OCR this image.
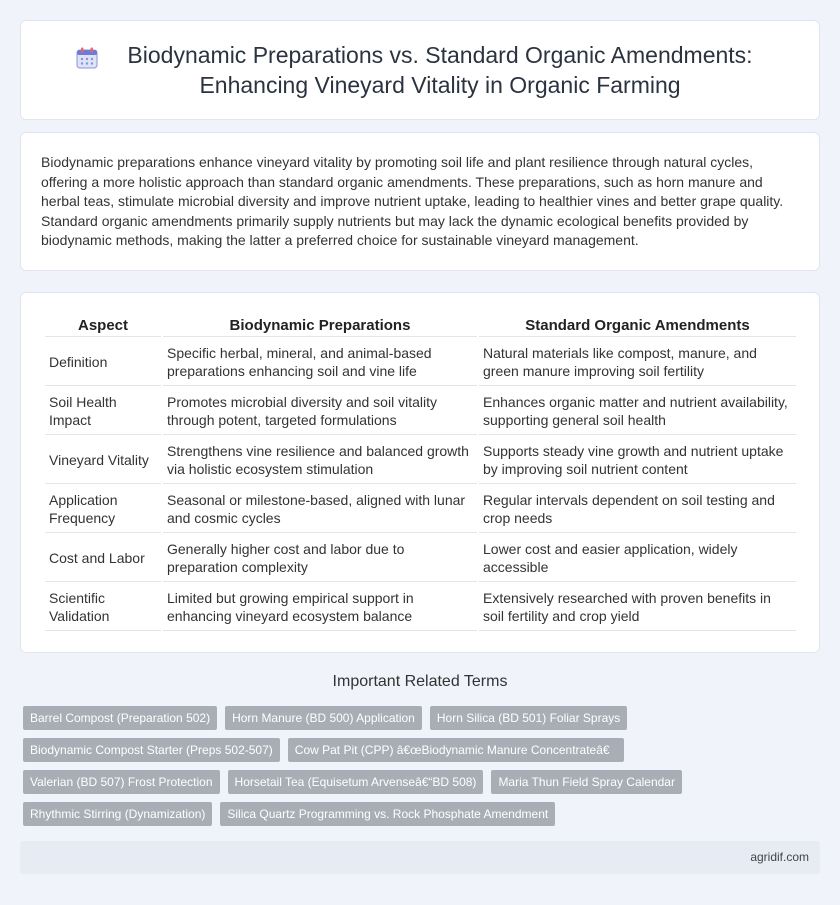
Biodynamic Preparations vs. Standard Organic Amendments: Enhancing Vineyard Vitality in Organic Farming

Biodynamic preparations enhance vineyard vitality by promoting soil life and plant resilience through natural cycles, offering a more holistic approach than standard organic amendments. These preparations, such as horn manure and herbal teas, stimulate microbial diversity and improve nutrient uptake, leading to healthier vines and better grape quality. Standard organic amendments primarily supply nutrients but may lack the dynamic ecological benefits provided by biodynamic methods, making the latter a preferred choice for sustainable vineyard management.

Aspect	Biodynamic Preparations	Standard Organic Amendments
Definition	Specific herbal, mineral, and animal-based preparations enhancing soil and vine life	Natural materials like compost, manure, and green manure improving soil fertility
Soil Health Impact	Promotes microbial diversity and soil vitality through potent, targeted formulations	Enhances organic matter and nutrient availability, supporting general soil health
Vineyard Vitality	Strengthens vine resilience and balanced growth via holistic ecosystem stimulation	Supports steady vine growth and nutrient uptake by improving soil nutrient content
Application Frequency	Seasonal or milestone-based, aligned with lunar and cosmic cycles	Regular intervals dependent on soil testing and crop needs
Cost and Labor	Generally higher cost and labor due to preparation complexity	Lower cost and easier application, widely accessible
Scientific Validation	Limited but growing empirical support in enhancing vineyard ecosystem balance	Extensively researched with proven benefits in soil fertility and crop yield
Important Related Terms
Barrel Compost (Preparation 502)	Horn Manure (BD 500) Application	Horn Silica (BD 501) Foliar Sprays
Biodynamic Compost Starter (Preps 502-507)	Cow Pat Pit (CPP) â€œBiodynamic Manure Concentrateâ€
Valerian (BD 507) Frost Protection	Horsetail Tea (Equisetum Arvenseâ€“BD 508)	Maria Thun Field Spray Calendar
Rhythmic Stirring (Dynamization)	Silica Quartz Programming vs. Rock Phosphate Amendment
agridif.com
